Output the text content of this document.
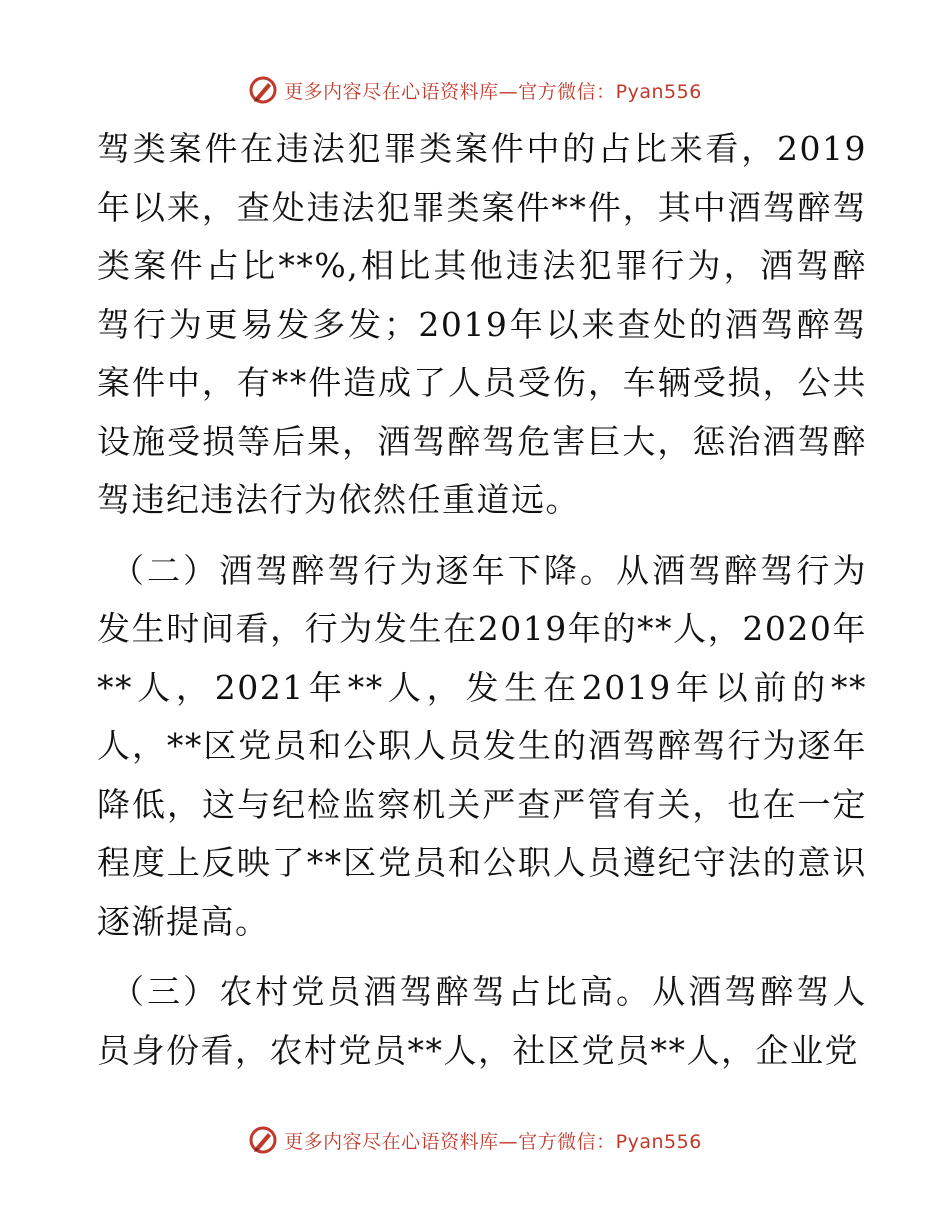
更多内容尽在心语资料库—官方微信：Pyan556

驾类案件在违法犯罪类案件中的占比来看，2019年以来，查处违法犯罪类案件**件，其中酒驾醉驾类案件占比**%,相比其他违法犯罪行为，酒驾醉驾行为更易发多发；2019年以来查处的酒驾醉驾案件中，有**件造成了人员受伤，车辆受损，公共设施受损等后果，酒驾醉驾危害巨大，惩治酒驾醉驾违纪违法行为依然任重道远。

（二）酒驾醉驾行为逐年下降。从酒驾醉驾行为发生时间看，行为发生在2019年的**人，2020年**人，2021年**人，发生在2019年以前的**人，**区党员和公职人员发生的酒驾醉驾行为逐年降低，这与纪检监察机关严查严管有关，也在一定程度上反映了**区党员和公职人员遵纪守法的意识逐渐提高。

（三）农村党员酒驾醉驾占比高。从酒驾醉驾人员身份看，农村党员**人，社区党员**人，企业党

更多内容尽在心语资料库—官方微信：Pyan556
